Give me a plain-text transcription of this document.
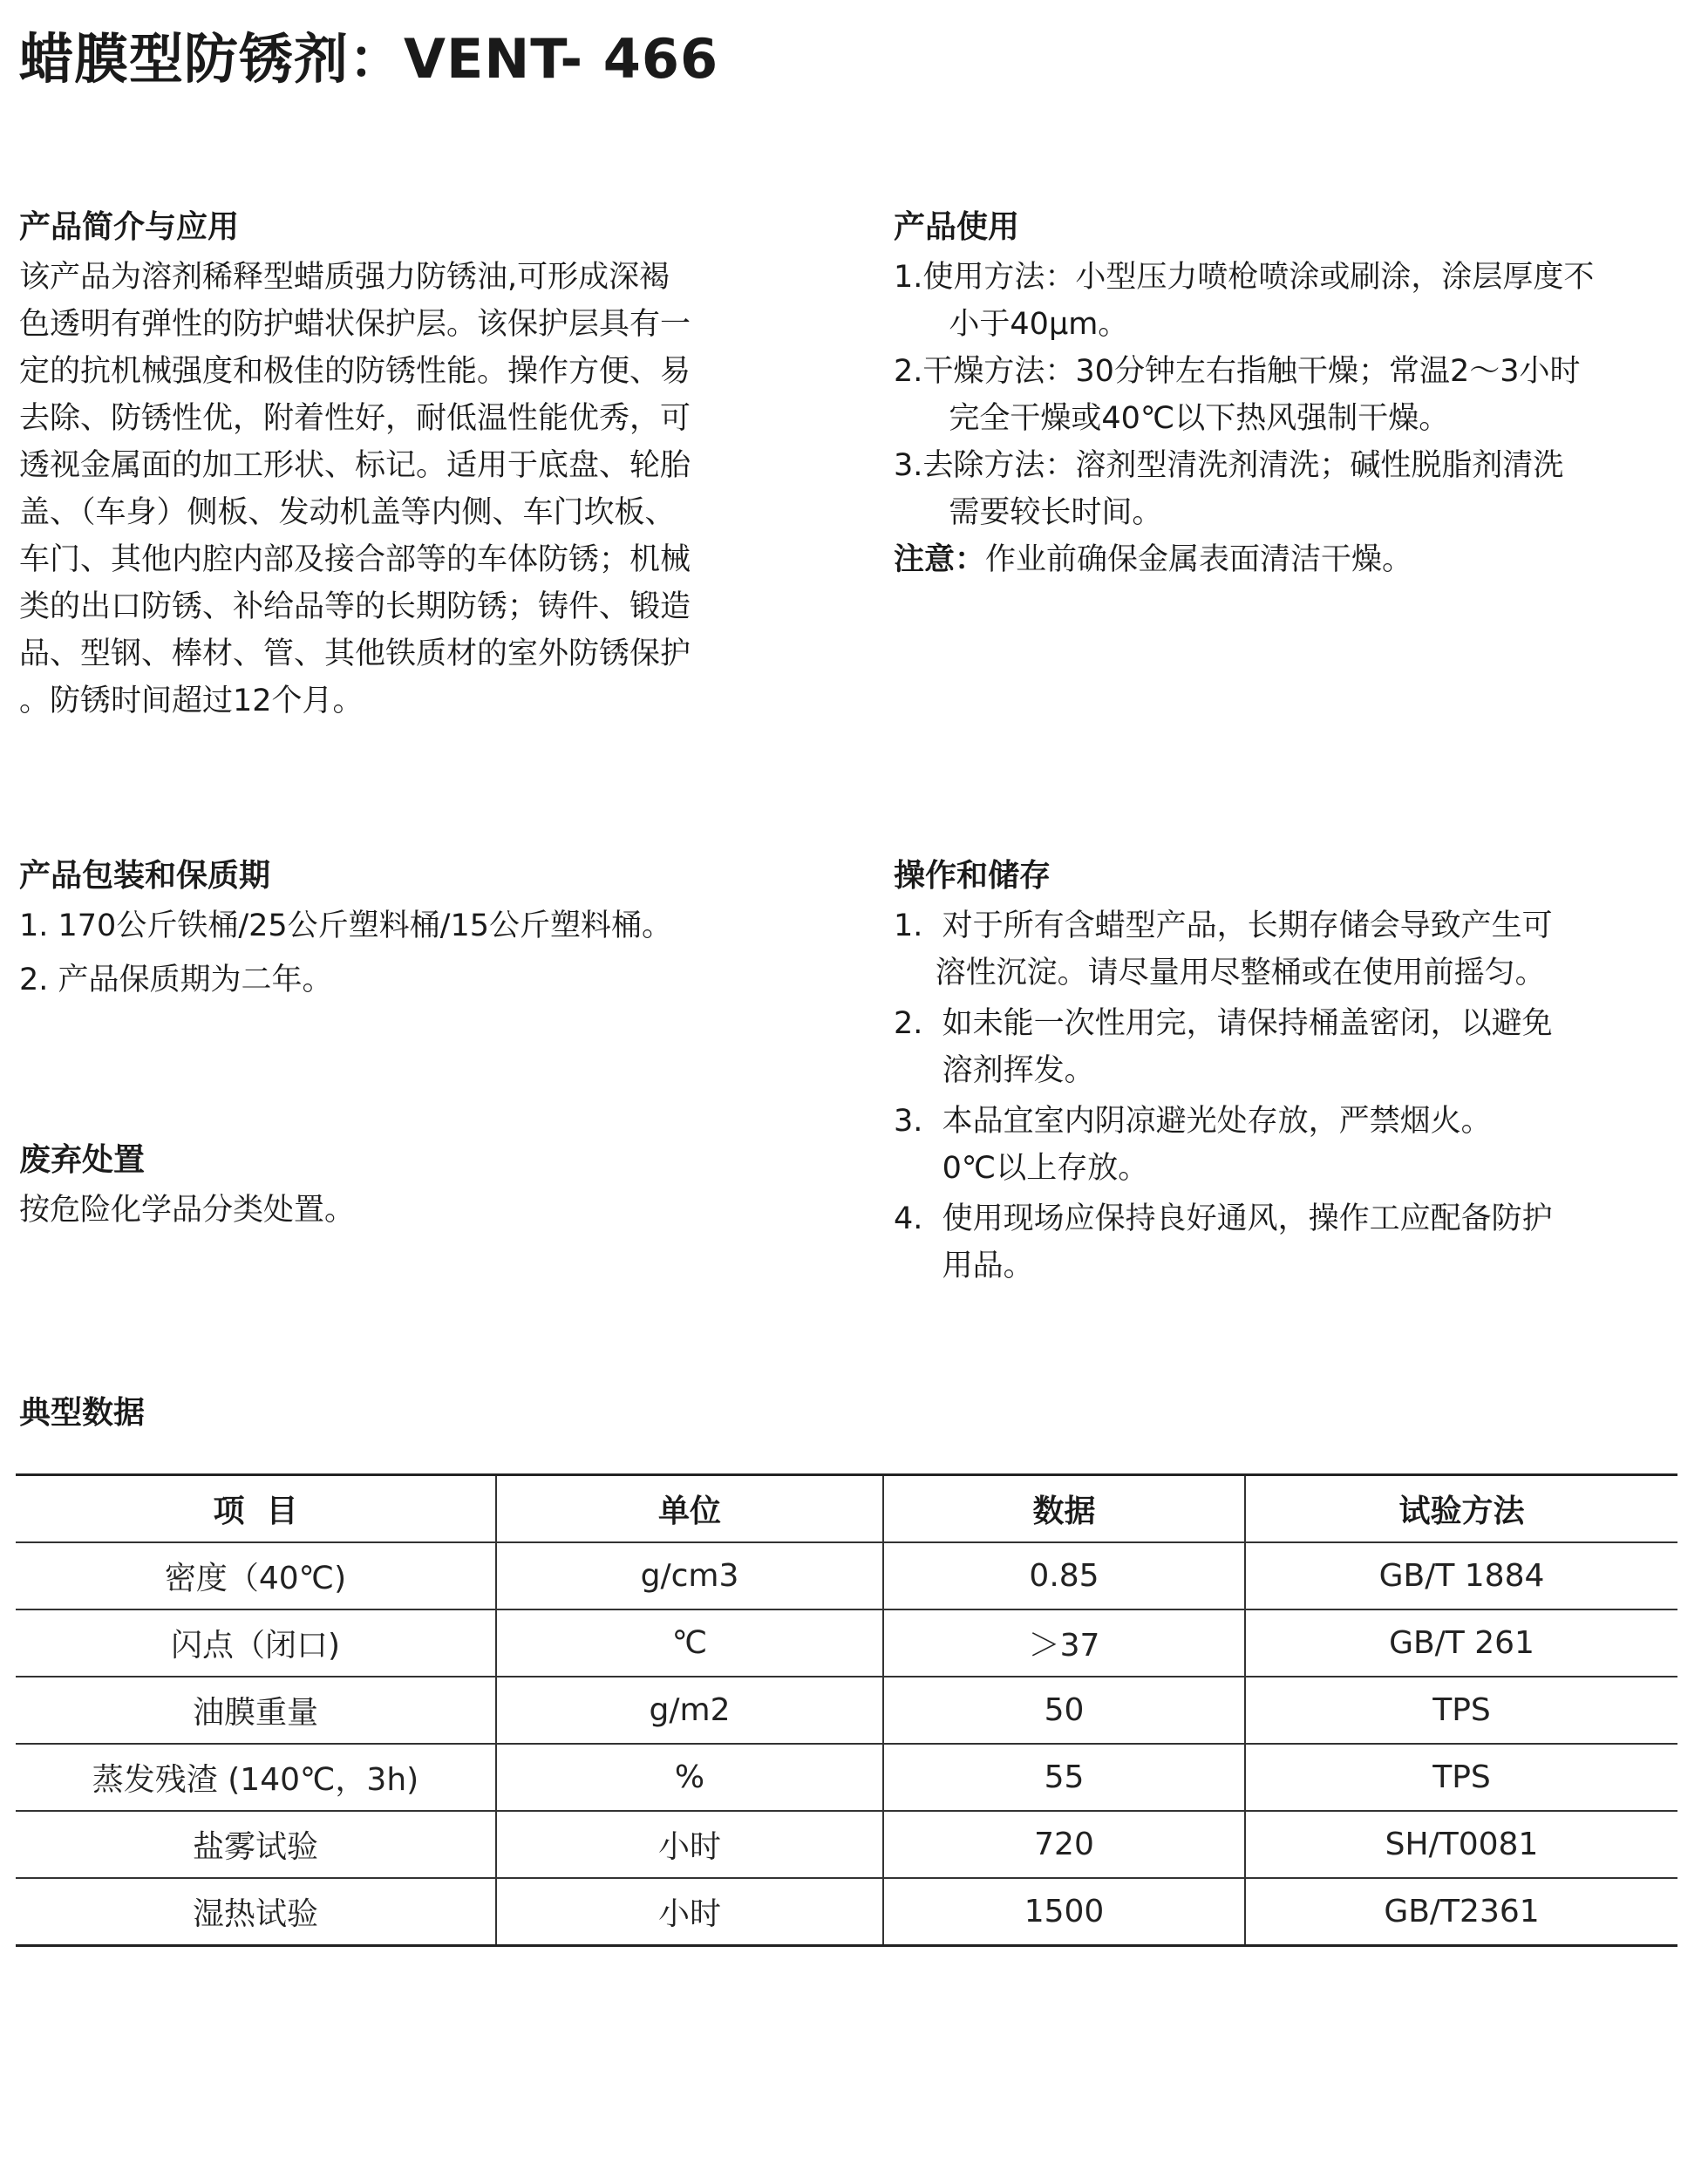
蜡膜型防锈剂：VENT- 466
产品简介与应用

该产品为溶剂稀释型蜡质强力防锈油,可形成深褐
色透明有弹性的防护蜡状保护层。该保护层具有一
定的抗机械强度和极佳的防锈性能。操作方便、易
去除、防锈性优，附着性好，耐低温性能优秀，可
透视金属面的加工形状、标记。适用于底盘、轮胎
盖、（车身）侧板、发动机盖等内侧、车门坎板、
车门、其他内腔内部及接合部等的车体防锈；机械
类的出口防锈、补给品等的长期防锈；铸件、锻造
品、型钢、棒材、管、其他铁质材的室外防锈保护
。防锈时间超过12个月。

产品使用
1. 使用方法：小型压力喷枪喷涂或刷涂，涂层厚度不
小于40μm。
2. 干燥方法：30分钟左右指触干燥；常温2～3小时
完全干燥或40℃以下热风强制干燥。
3. 去除方法：溶剂型清洗剂清洗；碱性脱脂剂清洗
需要较长时间。

注意：作业前确保金属表面清洁干燥。

产品包装和保质期
1. 170公斤铁桶/25公斤塑料桶/15公斤塑料桶。
2. 产品保质期为二年。
废弃处置

按危险化学品分类处置。

操作和储存
1. 对于所有含蜡型产品，长期存储会导致产生可
溶性沉淀。请尽量用尽整桶或在使用前摇匀。
2. 如未能一次性用完，请保持桶盖密闭，以避免
溶剂挥发。
3. 本品宜室内阴凉避光处存放，严禁烟火。
0℃以上存放。
4. 使用现场应保持良好通风，操作工应配备防护
用品。
典型数据
项  目	单位	数据	试验方法
密度（40℃)	g/cm3	0.85	GB/T 1884
闪点（闭口)	℃	＞37	GB/T 261
油膜重量	g/m2	50	TPS
蒸发残渣 (140℃，3h)	%	55	TPS
盐雾试验	小时	720	SH/T0081
湿热试验	小时	1500	GB/T2361
